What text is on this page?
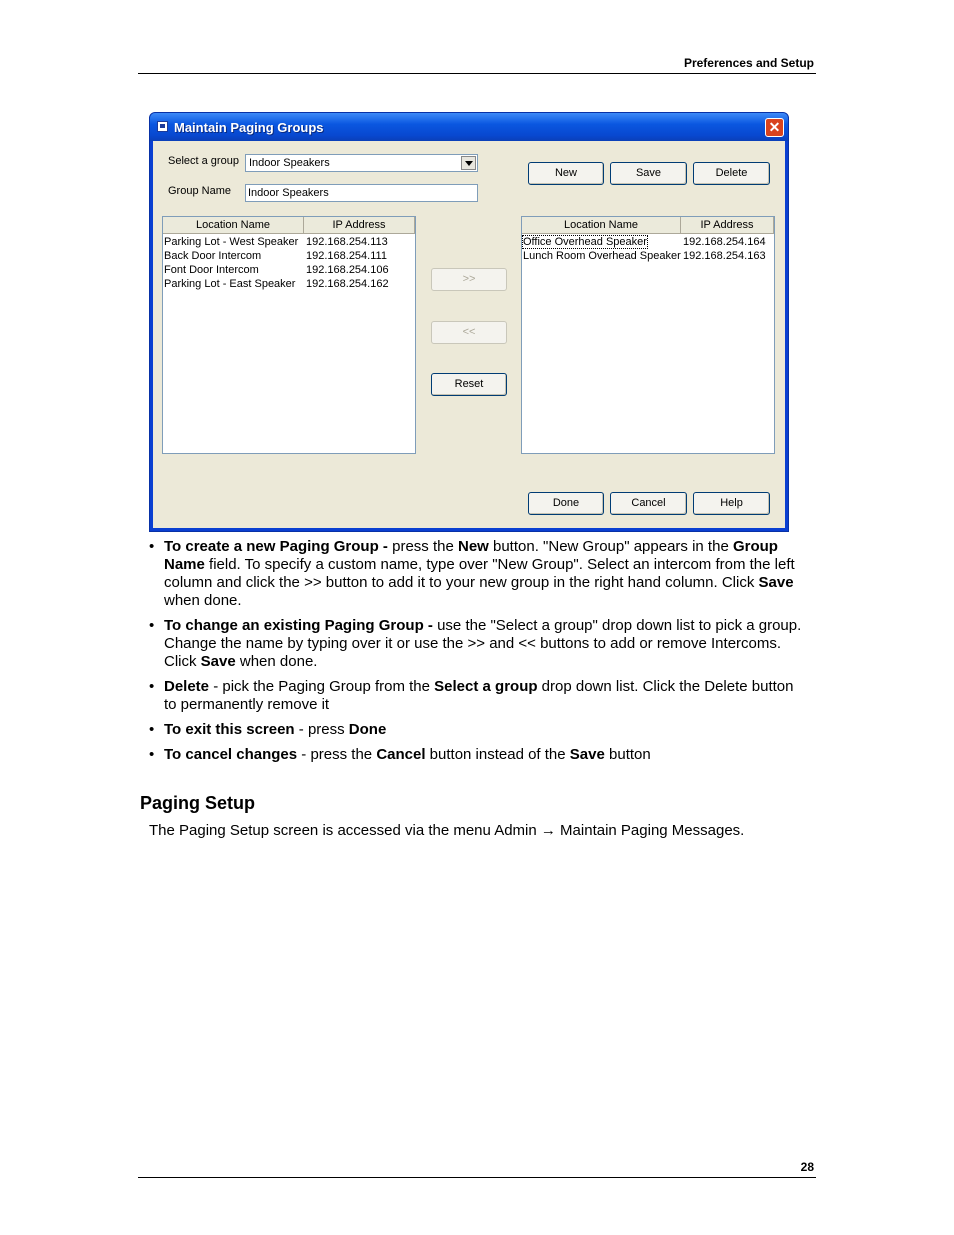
Preferences and Setup
28
Maintain Paging Groups	✕
Select a group Indoor Speakers
Group Name
Indoor Speakers
New	Save	Delete
Location Name	IP Address
Parking Lot - West Speaker 192.168.254.113
Back Door Intercom	192.168.254.111
Font Door Intercom	192.168.254.106
Parking Lot - East Speaker 192.168.254.162	>>
<<
Reset
Location Name	IP Address
Office Overhead Speaker	192.168.254.164
Lunch Room Overhead Speaker 192.168.254.163
Done	Cancel	Help
• To create a new Paging Group - press the New button. "New Group" appears in the Group Name field. To specify a custom name, type over "New Group". Select an intercom from the left column and click the >> button to add it to your new group in the right hand column. Click Save when done.
• To change an existing Paging Group - use the "Select a group" drop down list to pick a group. Change the name by typing over it or use the >> and << buttons to add or remove Intercoms. Click Save when done.
• Delete - pick the Paging Group from the Select a group drop down list. Click the Delete button to permanently remove it
• To exit this screen - press Done
• To cancel changes - press the Cancel button instead of the Save button
Paging Setup
The Paging Setup screen is accessed via the menu Admin → Maintain Paging Messages.
